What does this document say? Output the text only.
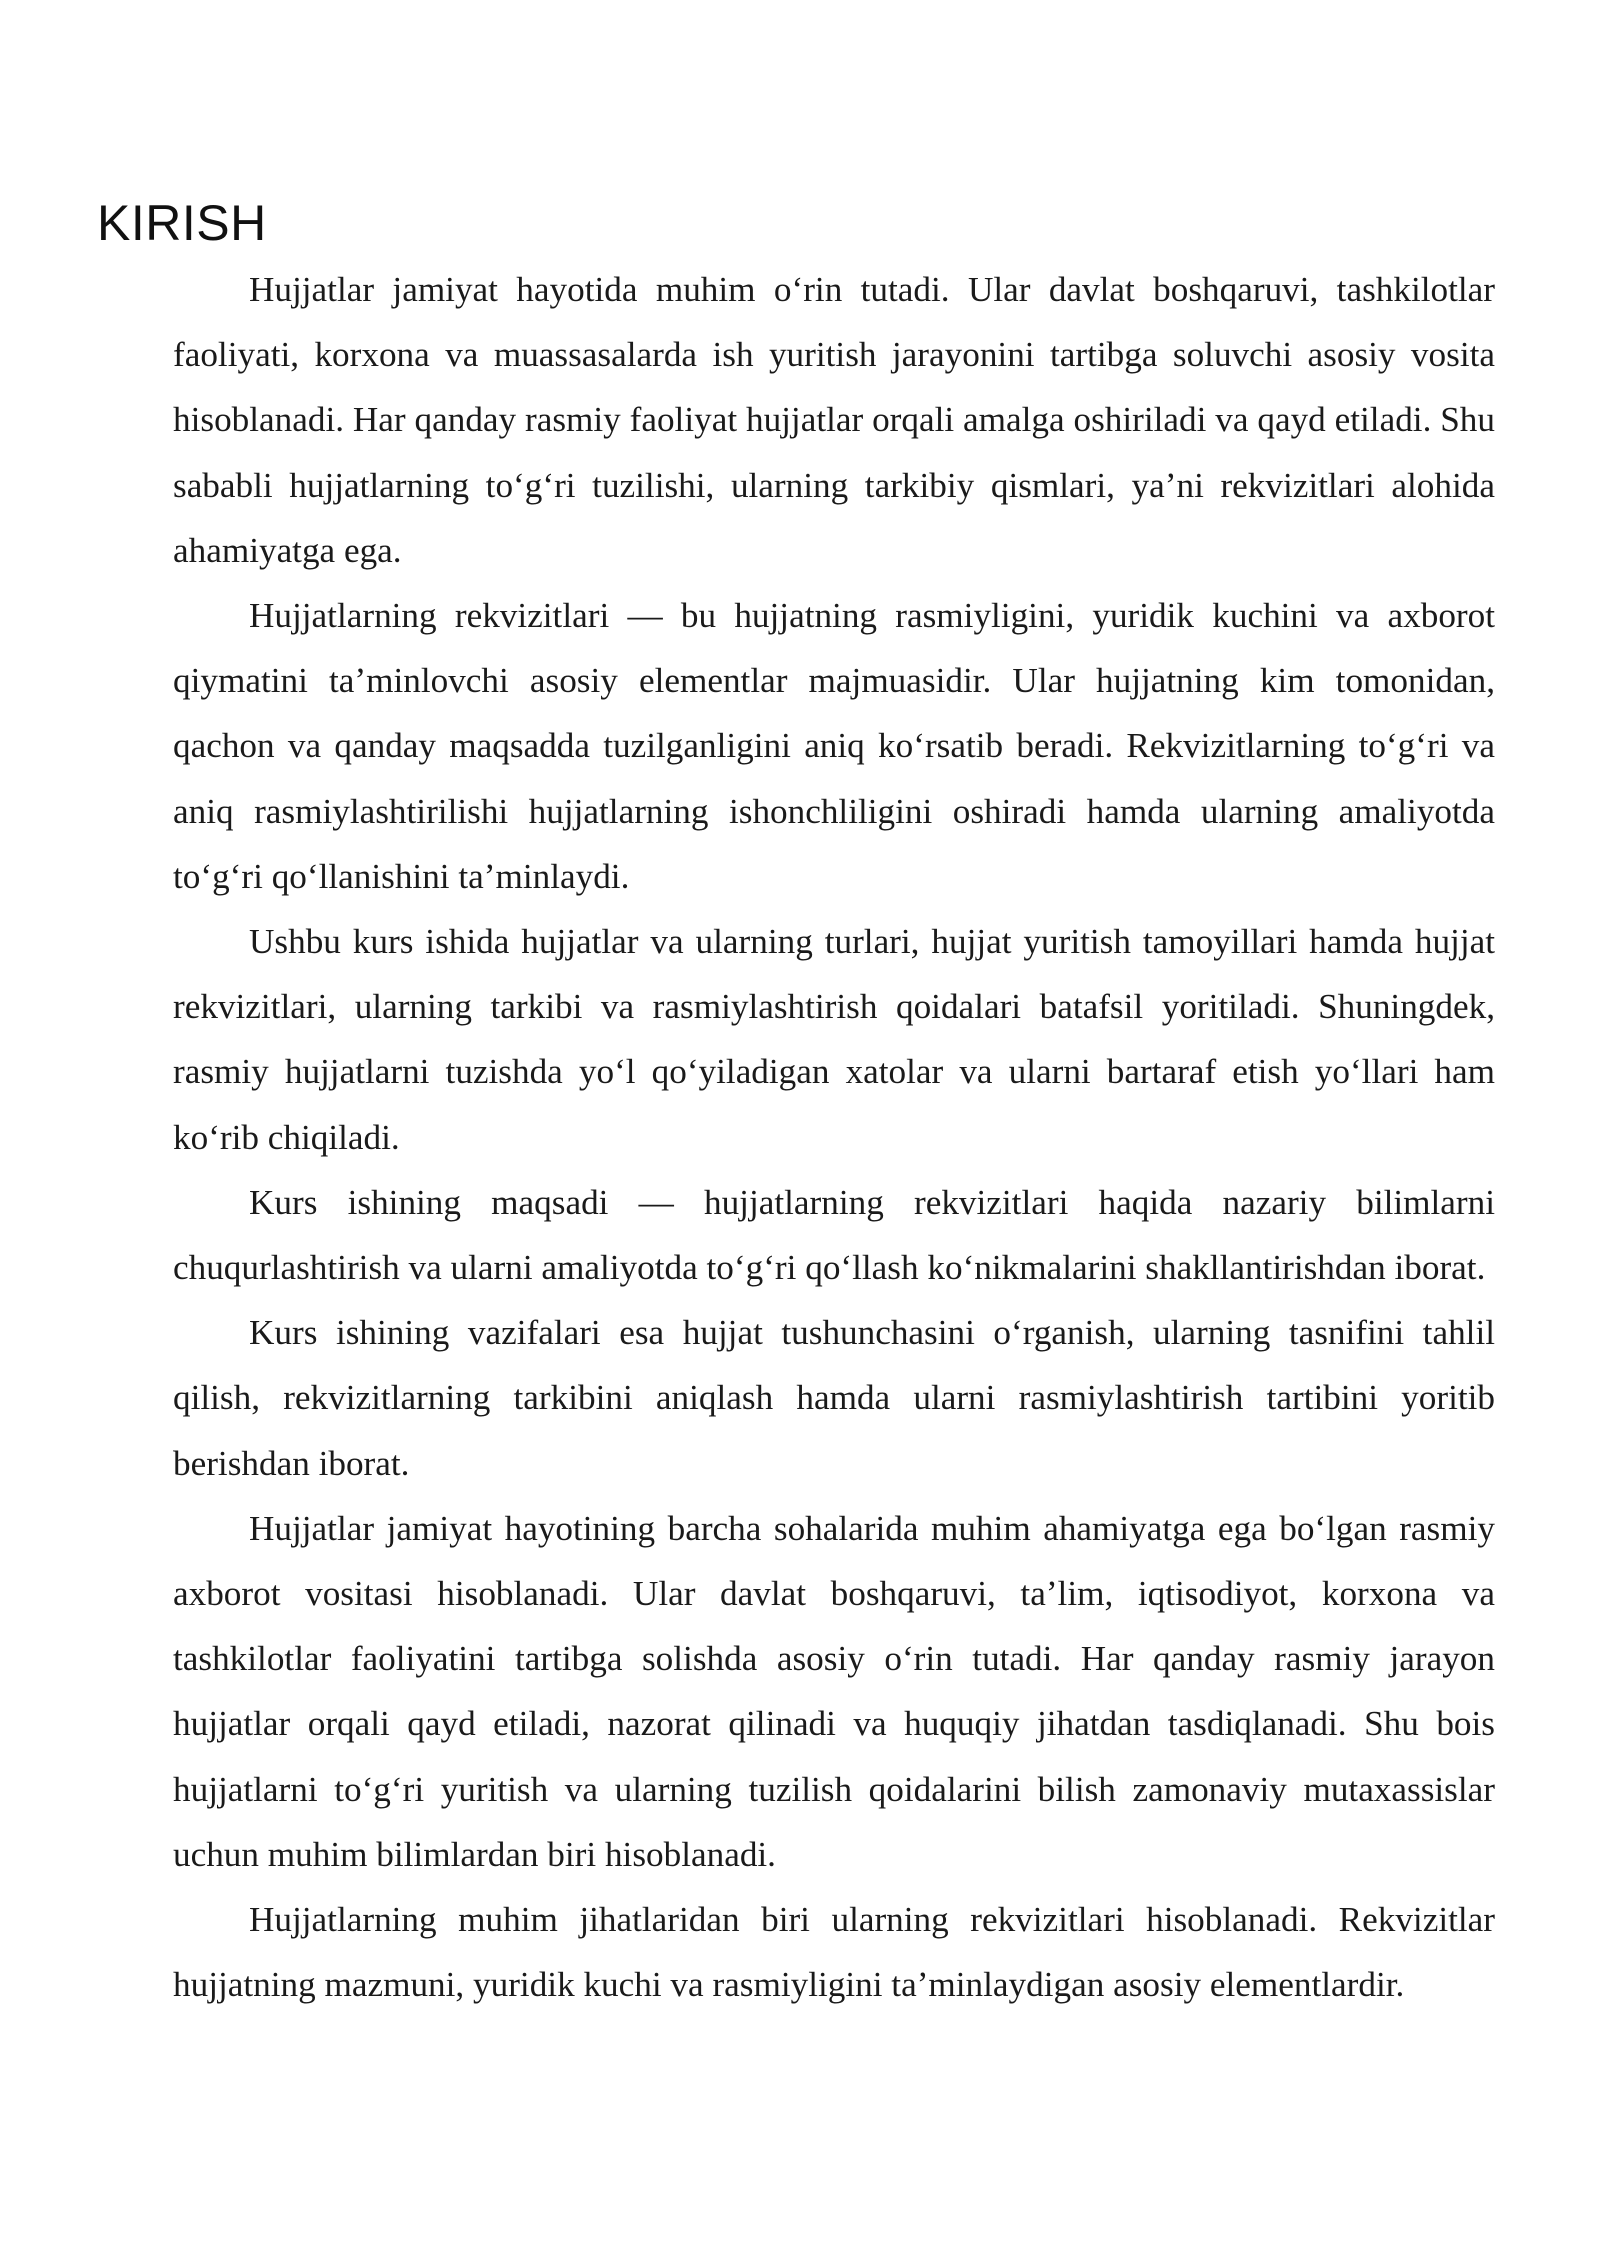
KIRISH

Hujjatlar jamiyat hayotida muhim oʻrin tutadi. Ular davlat boshqaruvi, tashkilotlar faoliyati, korxona va muassasalarda ish yuritish jarayonini tartibga soluvchi asosiy vosita hisoblanadi. Har qanday rasmiy faoliyat hujjatlar orqali amalga oshiriladi va qayd etiladi. Shu sababli hujjatlarning toʻgʻri tuzilishi, ularning tarkibiy qismlari, yaʼni rekvizitlari alohida ahamiyatga ega.

Hujjatlarning rekvizitlari — bu hujjatning rasmiyligini, yuridik kuchini va axborot qiymatini taʼminlovchi asosiy elementlar majmuasidir. Ular hujjatning kim tomonidan, qachon va qanday maqsadda tuzilganligini aniq koʻrsatib beradi. Rekvizitlarning toʻgʻri va aniq rasmiylashtirilishi hujjatlarning ishonchliligini oshiradi hamda ularning amaliyotda toʻgʻri qoʻllanishini taʼminlaydi.

Ushbu kurs ishida hujjatlar va ularning turlari, hujjat yuritish tamoyillari hamda hujjat rekvizitlari, ularning tarkibi va rasmiylashtirish qoidalari batafsil yoritiladi. Shuningdek, rasmiy hujjatlarni tuzishda yoʻl qoʻyiladigan xatolar va ularni bartaraf etish yoʻllari ham koʻrib chiqiladi.

Kurs ishining maqsadi — hujjatlarning rekvizitlari haqida nazariy bilimlarni chuqurlashtirish va ularni amaliyotda toʻgʻri qoʻllash koʻnikmalarini shakllantirishdan iborat.

Kurs ishining vazifalari esa hujjat tushunchasini oʻrganish, ularning tasnifini tahlil qilish, rekvizitlarning tarkibini aniqlash hamda ularni rasmiylashtirish tartibini yoritib berishdan iborat.

Hujjatlar jamiyat hayotining barcha sohalarida muhim ahamiyatga ega boʻlgan rasmiy axborot vositasi hisoblanadi. Ular davlat boshqaruvi, taʼlim, iqtisodiyot, korxona va tashkilotlar faoliyatini tartibga solishda asosiy oʻrin tutadi. Har qanday rasmiy jarayon hujjatlar orqali qayd etiladi, nazorat qilinadi va huquqiy jihatdan tasdiqlanadi. Shu bois hujjatlarni toʻgʻri yuritish va ularning tuzilish qoidalarini bilish zamonaviy mutaxassislar uchun muhim bilimlardan biri hisoblanadi.

Hujjatlarning muhim jihatlaridan biri ularning rekvizitlari hisoblanadi. Rekvizitlar hujjatning mazmuni, yuridik kuchi va rasmiyligini taʼminlaydigan asosiy elementlardir.
